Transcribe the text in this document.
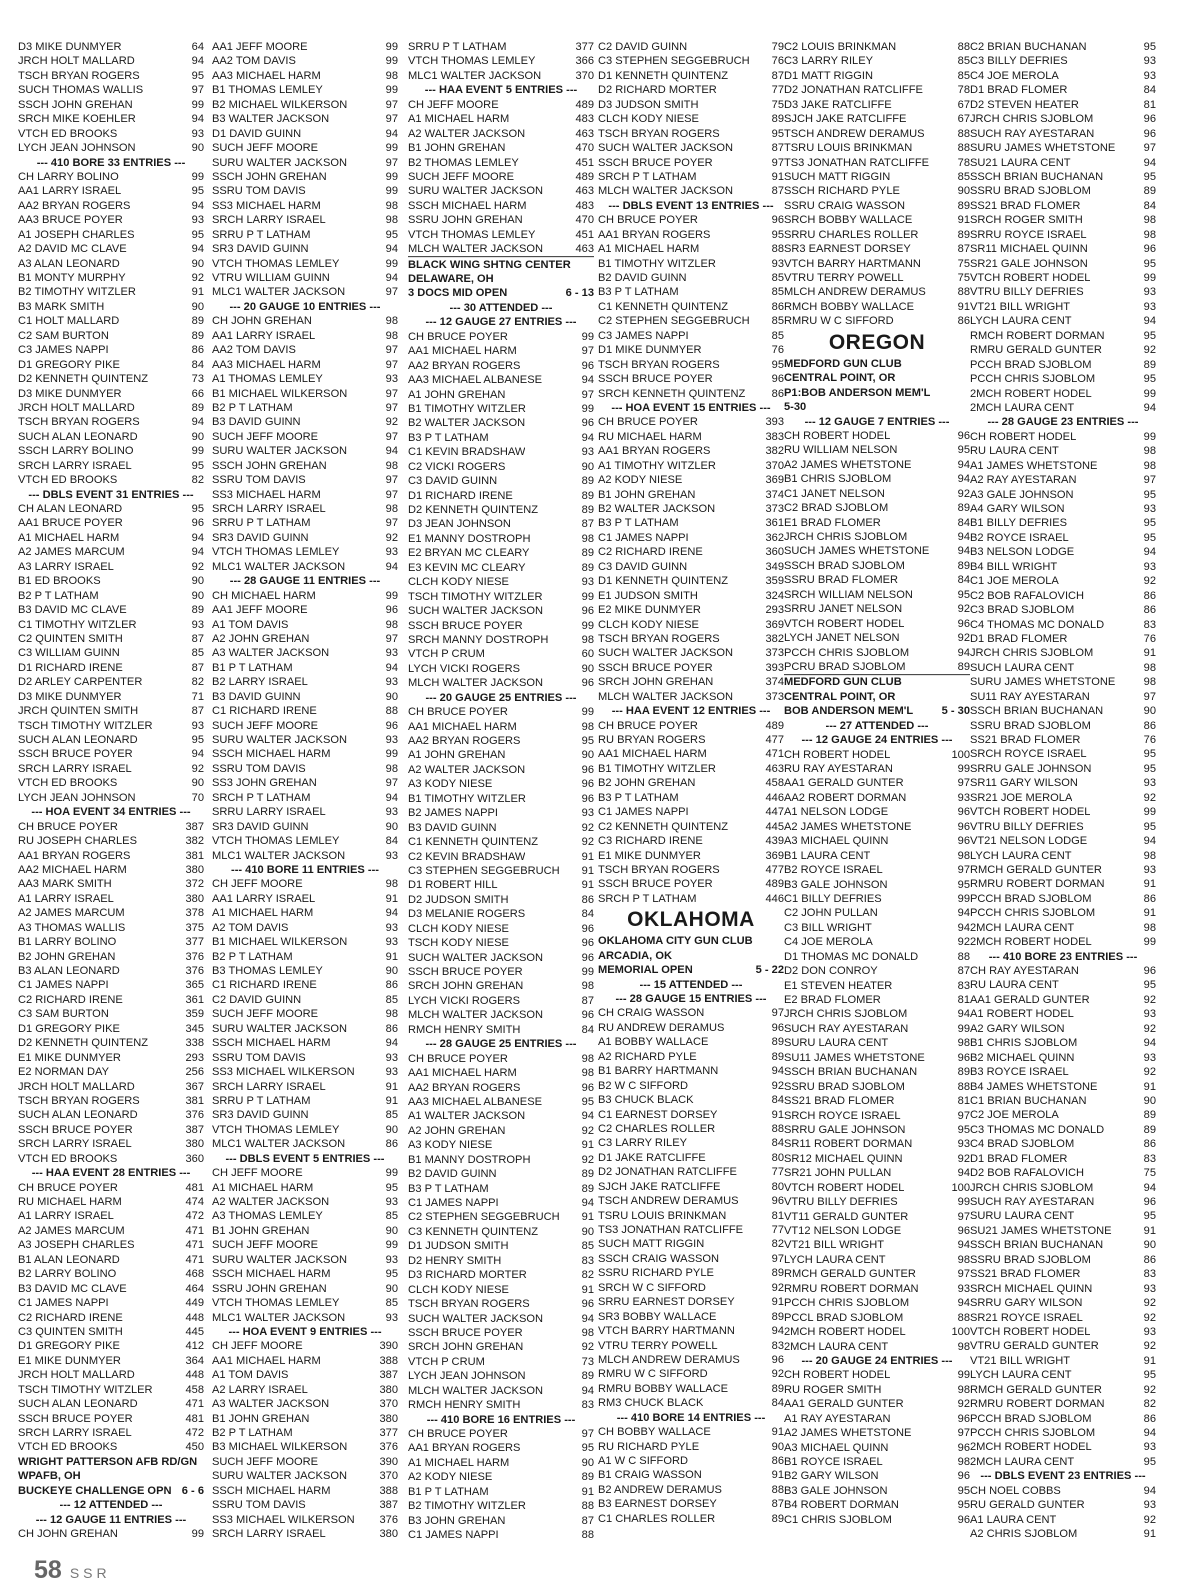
D3 MIKE DUNMYER	64
JRCH HOLT MALLARD	94
TSCH BRYAN ROGERS	95
SUCH THOMAS WALLIS	97
SSCH JOHN GREHAN	99
SRCH MIKE KOEHLER	94
VTCH ED BROOKS	93
LYCH JEAN JOHNSON	90
--- 410 BORE 33 ENTRIES ---
CH LARRY BOLINO	99
AA1 LARRY ISRAEL	95
AA2 BRYAN ROGERS	94
AA3 BRUCE POYER	93
A1 JOSEPH CHARLES	95
A2 DAVID MC CLAVE	94
A3 ALAN LEONARD	90
B1 MONTY MURPHY	92
B2 TIMOTHY WITZLER	91
B3 MARK SMITH	90
C1 HOLT MALLARD	89
C2 SAM BURTON	89
C3 JAMES NAPPI	86
D1 GREGORY PIKE	84
D2 KENNETH QUINTENZ	73
D3 MIKE DUNMYER	66
JRCH HOLT MALLARD	89
TSCH BRYAN ROGERS	94
SUCH ALAN LEONARD	90
SSCH LARRY BOLINO	99
SRCH LARRY ISRAEL	95
VTCH ED BROOKS	82
--- DBLS EVENT 31 ENTRIES ---
CH ALAN LEONARD	95
AA1 BRUCE POYER	96
A1 MICHAEL HARM	94
A2 JAMES MARCUM	94
A3 LARRY ISRAEL	92
B1 ED BROOKS	90
B2 P T LATHAM	90
B3 DAVID MC CLAVE	89
C1 TIMOTHY WITZLER	93
C2 QUINTEN SMITH	87
C3 WILLIAM GUINN	85
D1 RICHARD IRENE	87
D2 ARLEY CARPENTER	82
D3 MIKE DUNMYER	71
JRCH QUINTEN SMITH	87
TSCH TIMOTHY WITZLER	93
SUCH ALAN LEONARD	95
SSCH BRUCE POYER	94
SRCH LARRY ISRAEL	92
VTCH ED BROOKS	90
LYCH JEAN JOHNSON	70
--- HOA EVENT 34 ENTRIES ---
CH BRUCE POYER	387
RU JOSEPH CHARLES	382
AA1 BRYAN ROGERS	381
AA2 MICHAEL HARM	380
AA3 MARK SMITH	372
A1 LARRY ISRAEL	380
A2 JAMES MARCUM	378
A3 THOMAS WALLIS	375
B1 LARRY BOLINO	377
B2 JOHN GREHAN	376
B3 ALAN LEONARD	376
C1 JAMES NAPPI	365
C2 RICHARD IRENE	361
C3 SAM BURTON	359
D1 GREGORY PIKE	345
D2 KENNETH QUINTENZ	338
E1 MIKE DUNMYER	293
E2 NORMAN DAY	256
JRCH HOLT MALLARD	367
TSCH BRYAN ROGERS	381
SUCH ALAN LEONARD	376
SSCH BRUCE POYER	387
SRCH LARRY ISRAEL	380
VTCH ED BROOKS	360
--- HAA EVENT 28 ENTRIES ---
CH BRUCE POYER	481
RU MICHAEL HARM	474
A1 LARRY ISRAEL	472
A2 JAMES MARCUM	471
A3 JOSEPH CHARLES	471
B1 ALAN LEONARD	471
B2 LARRY BOLINO	468
B3 DAVID MC CLAVE	464
C1 JAMES NAPPI	449
C2 RICHARD IRENE	448
C3 QUINTEN SMITH	445
D1 GREGORY PIKE	412
E1 MIKE DUNMYER	364
JRCH HOLT MALLARD	448
TSCH TIMOTHY WITZLER	458
SUCH ALAN LEONARD	471
SSCH BRUCE POYER	481
SRCH LARRY ISRAEL	472
VTCH ED BROOKS	450
WRIGHT PATTERSON AFB RD/GN
WPAFB, OH
BUCKEYE CHALLENGE OPN 6 - 6
--- 12 ATTENDED ---
--- 12 GAUGE 11 ENTRIES ---
CH JOHN GREHAN	99
AA1 JEFF MOORE	99
AA2 TOM DAVIS	99
AA3 MICHAEL HARM	98
B1 THOMAS LEMLEY	99
B2 MICHAEL WILKERSON	97
B3 WALTER JACKSON	97
D1 DAVID GUINN	94
SUCH JEFF MOORE	99
SURU WALTER JACKSON	97
SSCH JOHN GREHAN	99
SSRU TOM DAVIS	99
SS3 MICHAEL HARM	98
SRCH LARRY ISRAEL	98
SRRU P T LATHAM	95
SR3 DAVID GUINN	94
VTCH THOMAS LEMLEY	99
VTRU WILLIAM GUINN	94
MLC1 WALTER JACKSON	97
--- 20 GAUGE 10 ENTRIES ---
CH JOHN GREHAN	98
AA1 LARRY ISRAEL	98
AA2 TOM DAVIS	97
AA3 MICHAEL HARM	97
A1 THOMAS LEMLEY	93
B1 MICHAEL WILKERSON	97
B2 P T LATHAM	97
B3 DAVID GUINN	92
SUCH JEFF MOORE	97
SURU WALTER JACKSON	94
SSCH JOHN GREHAN	98
SSRU TOM DAVIS	97
SS3 MICHAEL HARM	97
SRCH LARRY ISRAEL	98
SRRU P T LATHAM	97
SR3 DAVID GUINN	92
VTCH THOMAS LEMLEY	93
MLC1 WALTER JACKSON	94
--- 28 GAUGE 11 ENTRIES ---
CH MICHAEL HARM	99
AA1 JEFF MOORE	96
A1 TOM DAVIS	98
A2 JOHN GREHAN	97
A3 WALTER JACKSON	93
B1 P T LATHAM	94
B2 LARRY ISRAEL	93
B3 DAVID GUINN	90
C1 RICHARD IRENE	88
SUCH JEFF MOORE	96
SURU WALTER JACKSON	93
SSCH MICHAEL HARM	99
SSRU TOM DAVIS	98
SS3 JOHN GREHAN	97
SRCH P T LATHAM	94
SRRU LARRY ISRAEL	93
SR3 DAVID GUINN	90
VTCH THOMAS LEMLEY	84
MLC1 WALTER JACKSON	93
--- 410 BORE 11 ENTRIES ---
CH JEFF MOORE	98
AA1 LARRY ISRAEL	91
A1 MICHAEL HARM	94
A2 TOM DAVIS	93
B1 MICHAEL WILKERSON	93
B2 P T LATHAM	91
B3 THOMAS LEMLEY	90
C1 RICHARD IRENE	86
C2 DAVID GUINN	85
SUCH JEFF MOORE	98
SURU WALTER JACKSON	86
SSCH MICHAEL HARM	94
SSRU TOM DAVIS	93
SS3 MICHAEL WILKERSON	93
SRCH LARRY ISRAEL	91
SRRU P T LATHAM	91
SR3 DAVID GUINN	85
VTCH THOMAS LEMLEY	90
MLC1 WALTER JACKSON	86
--- DBLS EVENT 5 ENTRIES ---
CH JEFF MOORE	99
A1 MICHAEL HARM	95
A2 WALTER JACKSON	93
A3 THOMAS LEMLEY	85
B1 JOHN GREHAN	90
SUCH JEFF MOORE	99
SURU WALTER JACKSON	93
SSCH MICHAEL HARM	95
SSRU JOHN GREHAN	90
VTCH THOMAS LEMLEY	85
MLC1 WALTER JACKSON	93
--- HOA EVENT 9 ENTRIES ---
CH JEFF MOORE	390
AA1 MICHAEL HARM	388
A1 TOM DAVIS	387
A2 LARRY ISRAEL	380
A3 WALTER JACKSON	370
B1 JOHN GREHAN	380
B2 P T LATHAM	377
B3 MICHAEL WILKERSON	376
SUCH JEFF MOORE	390
SURU WALTER JACKSON	370
SSCH MICHAEL HARM	388
SSRU TOM DAVIS	387
SS3 MICHAEL WILKERSON	376
SRCH LARRY ISRAEL	380
SRRU P T LATHAM	377
VTCH THOMAS LEMLEY	366
MLC1 WALTER JACKSON	370
--- HAA EVENT 5 ENTRIES ---
CH JEFF MOORE	489
A1 MICHAEL HARM	483
A2 WALTER JACKSON	463
B1 JOHN GREHAN	470
B2 THOMAS LEMLEY	451
SUCH JEFF MOORE	489
SURU WALTER JACKSON	463
SSCH MICHAEL HARM	483
SSRU JOHN GREHAN	470
VTCH THOMAS LEMLEY	451
MLCH WALTER JACKSON	463
BLACK WING SHTNG CENTER
DELAWARE, OH
3 DOCS MID OPEN	6 - 13
--- 30 ATTENDED ---
--- 12 GAUGE 27 ENTRIES ---
CH BRUCE POYER	99
AA1 MICHAEL HARM	97
AA2 BRYAN ROGERS	96
AA3 MICHAEL ALBANESE	94
A1 JOHN GREHAN	97
B1 TIMOTHY WITZLER	99
B2 WALTER JACKSON	96
B3 P T LATHAM	94
C1 KEVIN BRADSHAW	93
C2 VICKI ROGERS	90
C3 DAVID GUINN	89
D1 RICHARD IRENE	89
D2 KENNETH QUINTENZ	89
D3 JEAN JOHNSON	87
E1 MANNY DOSTROPH	98
E2 BRYAN MC CLEARY	89
E3 KEVIN MC CLEARY	89
CLCH KODY NIESE	93
TSCH TIMOTHY WITZLER	99
SUCH WALTER JACKSON	96
SSCH BRUCE POYER	99
SRCH MANNY DOSTROPH	98
VTCH P CRUM	60
LYCH VICKI ROGERS	90
MLCH WALTER JACKSON	96
--- 20 GAUGE 25 ENTRIES ---
CH BRUCE POYER	99
AA1 MICHAEL HARM	98
AA2 BRYAN ROGERS	95
A1 JOHN GREHAN	90
A2 WALTER JACKSON	96
A3 KODY NIESE	96
B1 TIMOTHY WITZLER	96
B2 JAMES NAPPI	93
B3 DAVID GUINN	92
C1 KENNETH QUINTENZ	92
C2 KEVIN BRADSHAW	91
C3 STEPHEN SEGGEBRUCH	91
D1 ROBERT HILL	91
D2 JUDSON SMITH	86
D3 MELANIE ROGERS	84
CLCH KODY NIESE	96
TSCH KODY NIESE	96
SUCH WALTER JACKSON	96
SSCH BRUCE POYER	99
SRCH JOHN GREHAN	98
LYCH VICKI ROGERS	87
MLCH WALTER JACKSON	96
RMCH HENRY SMITH	84
--- 28 GAUGE 25 ENTRIES ---
CH BRUCE POYER	98
AA1 MICHAEL HARM	98
AA2 BRYAN ROGERS	96
AA3 MICHAEL ALBANESE	95
A1 WALTER JACKSON	94
A2 JOHN GREHAN	92
A3 KODY NIESE	91
B1 MANNY DOSTROPH	92
B2 DAVID GUINN	89
B3 P T LATHAM	89
C1 JAMES NAPPI	94
C2 STEPHEN SEGGEBRUCH	91
C3 KENNETH QUINTENZ	90
D1 JUDSON SMITH	85
D2 HENRY SMITH	83
D3 RICHARD MORTER	82
CLCH KODY NIESE	91
TSCH BRYAN ROGERS	96
SUCH WALTER JACKSON	94
SSCH BRUCE POYER	98
SRCH JOHN GREHAN	92
VTCH P CRUM	73
LYCH JEAN JOHNSON	89
MLCH WALTER JACKSON	94
RMCH HENRY SMITH	83
--- 410 BORE 16 ENTRIES ---
CH BRUCE POYER	97
AA1 BRYAN ROGERS	95
A1 MICHAEL HARM	90
A2 KODY NIESE	89
B1 P T LATHAM	91
B2 TIMOTHY WITZLER	88
B3 JOHN GREHAN	87
C1 JAMES NAPPI	88
C2 DAVID GUINN	79
C3 STEPHEN SEGGEBRUCH	76
D1 KENNETH QUINTENZ	87
D2 RICHARD MORTER	77
D3 JUDSON SMITH	75
CLCH KODY NIESE	89
TSCH BRYAN ROGERS	95
SUCH WALTER JACKSON	87
SSCH BRUCE POYER	97
SRCH P T LATHAM	91
MLCH WALTER JACKSON	87
--- DBLS EVENT 13 ENTRIES ---
CH BRUCE POYER	96
AA1 BRYAN ROGERS	95
A1 MICHAEL HARM	88
B1 TIMOTHY WITZLER	93
B2 DAVID GUINN	85
B3 P T LATHAM	85
C1 KENNETH QUINTENZ	86
C2 STEPHEN SEGGEBRUCH	85
C3 JAMES NAPPI	85
D1 MIKE DUNMYER	76
TSCH BRYAN ROGERS	95
SSCH BRUCE POYER	96
SRCH KENNETH QUINTENZ	86
--- HOA EVENT 15 ENTRIES ---
CH BRUCE POYER	393
RU MICHAEL HARM	383
AA1 BRYAN ROGERS	382
A1 TIMOTHY WITZLER	370
A2 KODY NIESE	369
B1 JOHN GREHAN	374
B2 WALTER JACKSON	373
B3 P T LATHAM	361
C1 JAMES NAPPI	362
C2 RICHARD IRENE	360
C3 DAVID GUINN	349
D1 KENNETH QUINTENZ	359
E1 JUDSON SMITH	324
E2 MIKE DUNMYER	293
CLCH KODY NIESE	369
TSCH BRYAN ROGERS	382
SUCH WALTER JACKSON	373
SSCH BRUCE POYER	393
SRCH JOHN GREHAN	374
MLCH WALTER JACKSON	373
--- HAA EVENT 12 ENTRIES ---
CH BRUCE POYER	489
RU BRYAN ROGERS	477
AA1 MICHAEL HARM	471
B1 TIMOTHY WITZLER	463
B2 JOHN GREHAN	458
B3 P T LATHAM	446
C1 JAMES NAPPI	447
C2 KENNETH QUINTENZ	445
C3 RICHARD IRENE	439
E1 MIKE DUNMYER	369
TSCH BRYAN ROGERS	477
SSCH BRUCE POYER	489
SRCH P T LATHAM	446
OKLAHOMA
OKLAHOMA CITY GUN CLUB
ARCADIA, OK
MEMORIAL OPEN	5 - 22
--- 15 ATTENDED ---
--- 28 GAUGE 15 ENTRIES ---
CH CRAIG WASSON	97
RU ANDREW DERAMUS	96
A1 BOBBY WALLACE	89
A2 RICHARD PYLE	89
B1 BARRY HARTMANN	94
B2 W C SIFFORD	92
B3 CHUCK BLACK	84
C1 EARNEST DORSEY	91
C2 CHARLES ROLLER	88
C3 LARRY RILEY	84
D1 JAKE RATCLIFFE	80
D2 JONATHAN RATCLIFFE	77
SJCH JAKE RATCLIFFE	80
TSCH ANDREW DERAMUS	96
TSRU LOUIS BRINKMAN	81
TS3 JONATHAN RATCLIFFE	77
SUCH MATT RIGGIN	82
SSCH CRAIG WASSON	97
SSRU RICHARD PYLE	89
SRCH W C SIFFORD	92
SRRU EARNEST DORSEY	91
SR3 BOBBY WALLACE	89
VTCH BARRY HARTMANN	94
VTRU TERRY POWELL	83
MLCH ANDREW DERAMUS	96
RMRU W C SIFFORD	92
RMRU BOBBY WALLACE	89
RM3 CHUCK BLACK	84
--- 410 BORE 14 ENTRIES ---
CH BOBBY WALLACE	91
RU RICHARD PYLE	90
A1 W C SIFFORD	86
B1 CRAIG WASSON	91
B2 ANDREW DERAMUS	88
B3 EARNEST DORSEY	87
C1 CHARLES ROLLER	89
C2 LOUIS BRINKMAN	88
C3 LARRY RILEY	85
D1 MATT RIGGIN	85
D2 JONATHAN RATCLIFFE	78
D3 JAKE RATCLIFFE	67
SJCH JAKE RATCLIFFE	67
TSCH ANDREW DERAMUS	88
TSRU LOUIS BRINKMAN	88
TS3 JONATHAN RATCLIFFE	78
SUCH MATT RIGGIN	85
SSCH RICHARD PYLE	90
SSRU CRAIG WASSON	89
SRCH BOBBY WALLACE	91
SRRU CHARLES ROLLER	89
SR3 EARNEST DORSEY	87
VTCH BARRY HARTMANN	75
VTRU TERRY POWELL	75
MLCH ANDREW DERAMUS	88
RMCH BOBBY WALLACE	91
RMRU W C SIFFORD	86
OREGON
MEDFORD GUN CLUB
CENTRAL POINT, OR
P1:BOB ANDERSON MEM'L
5-30
--- 12 GAUGE 7 ENTRIES ---
CH ROBERT HODEL	96
RU WILLIAM NELSON	95
A2 JAMES WHETSTONE	94
B1 CHRIS SJOBLOM	94
C1 JANET NELSON	92
C2 BRAD SJOBLOM	89
E1 BRAD FLOMER	84
JRCH CHRIS SJOBLOM	94
SUCH JAMES WHETSTONE	94
SSCH BRAD SJOBLOM	89
SSRU BRAD FLOMER	84
SRCH WILLIAM NELSON	95
SRRU JANET NELSON	92
VTCH ROBERT HODEL	96
LYCH JANET NELSON	92
PCCH CHRIS SJOBLOM	94
PCRU BRAD SJOBLOM	89
MEDFORD GUN CLUB
CENTRAL POINT, OR
BOB ANDERSON MEM'L	5 - 30
--- 27 ATTENDED ---
--- 12 GAUGE 24 ENTRIES ---
CH ROBERT HODEL	100
RU RAY AYESTARAN	99
AA1 GERALD GUNTER	97
AA2 ROBERT DORMAN	93
A1 NELSON LODGE	96
A2 JAMES WHETSTONE	96
A3 MICHAEL QUINN	96
B1 LAURA CENT	98
B2 ROYCE ISRAEL	97
B3 GALE JOHNSON	95
C1 BILLY DEFRIES	99
C2 JOHN PULLAN	94
C3 BILL WRIGHT	94
C4 JOE MEROLA	92
D1 THOMAS MC DONALD	88
D2 DON CONROY	87
E1 STEVEN HEATER	83
E2 BRAD FLOMER	81
JRCH CHRIS SJOBLOM	94
SUCH RAY AYESTARAN	99
SURU LAURA CENT	98
SU11 JAMES WHETSTONE	96
SSCH BRIAN BUCHANAN	89
SSRU BRAD SJOBLOM	88
SS21 BRAD FLOMER	81
SRCH ROYCE ISRAEL	97
SRRU GALE JOHNSON	95
SR11 ROBERT DORMAN	93
SR12 MICHAEL QUINN	92
SR21 JOHN PULLAN	94
VTCH ROBERT HODEL	100
VTRU BILLY DEFRIES	99
VT11 GERALD GUNTER	97
VT12 NELSON LODGE	96
VT21 BILL WRIGHT	94
LYCH LAURA CENT	98
RMCH GERALD GUNTER	97
RMRU ROBERT DORMAN	93
PCCH CHRIS SJOBLOM	94
PCCL BRAD SJOBLOM	88
2MCH ROBERT HODEL	100
2MCH LAURA CENT	98
--- 20 GAUGE 24 ENTRIES ---
CH ROBERT HODEL	99
RU ROGER SMITH	98
AA1 GERALD GUNTER	92
A1 RAY AYESTARAN	96
A2 JAMES WHETSTONE	97
A3 MICHAEL QUINN	96
B1 ROYCE ISRAEL	98
B2 GARY WILSON	96
B3 GALE JOHNSON	95
B4 ROBERT DORMAN	95
C1 CHRIS SJOBLOM	96
C2 BRIAN BUCHANAN	95
C3 BILLY DEFRIES	93
C4 JOE MEROLA	93
D1 BRAD FLOMER	84
D2 STEVEN HEATER	81
JRCH CHRIS SJOBLOM	96
SUCH RAY AYESTARAN	96
SURU JAMES WHETSTONE	97
SU21 LAURA CENT	94
SSCH BRIAN BUCHANAN	95
SSRU BRAD SJOBLOM	89
SS21 BRAD FLOMER	84
SRCH ROGER SMITH	98
SRRU ROYCE ISRAEL	98
SR11 MICHAEL QUINN	96
SR21 GALE JOHNSON	95
VTCH ROBERT HODEL	99
VTRU BILLY DEFRIES	93
VT21 BILL WRIGHT	93
LYCH LAURA CENT	94
RMCH ROBERT DORMAN	95
RMRU GERALD GUNTER	92
PCCH BRAD SJOBLOM	89
PCCH CHRIS SJOBLOM	95
2MCH ROBERT HODEL	99
2MCH LAURA CENT	94
--- 28 GAUGE 23 ENTRIES ---
CH ROBERT HODEL	99
RU LAURA CENT	98
A1 JAMES WHETSTONE	98
A2 RAY AYESTARAN	97
A3 GALE JOHNSON	95
A4 GARY WILSON	93
B1 BILLY DEFRIES	95
B2 ROYCE ISRAEL	95
B3 NELSON LODGE	94
B4 BILL WRIGHT	93
C1 JOE MEROLA	92
C2 BOB RAFALOVICH	86
C3 BRAD SJOBLOM	86
C4 THOMAS MC DONALD	83
D1 BRAD FLOMER	76
JRCH CHRIS SJOBLOM	91
SUCH LAURA CENT	98
SURU JAMES WHETSTONE	98
SU11 RAY AYESTARAN	97
SSCH BRIAN BUCHANAN	90
SSRU BRAD SJOBLOM	86
SS21 BRAD FLOMER	76
SRCH ROYCE ISRAEL	95
SRRU GALE JOHNSON	95
SR11 GARY WILSON	93
SR21 JOE MEROLA	92
VTCH ROBERT HODEL	99
VTRU BILLY DEFRIES	95
VT21 NELSON LODGE	94
LYCH LAURA CENT	98
RMCH GERALD GUNTER	93
RMRU ROBERT DORMAN	91
PCCH BRAD SJOBLOM	86
PCCH CHRIS SJOBLOM	91
2MCH LAURA CENT	98
2MCH ROBERT HODEL	99
--- 410 BORE 23 ENTRIES ---
CH RAY AYESTARAN	96
RU LAURA CENT	95
AA1 GERALD GUNTER	92
A1 ROBERT HODEL	93
A2 GARY WILSON	92
B1 CHRIS SJOBLOM	94
B2 MICHAEL QUINN	93
B3 ROYCE ISRAEL	92
B4 JAMES WHETSTONE	91
C1 BRIAN BUCHANAN	90
C2 JOE MEROLA	89
C3 THOMAS MC DONALD	89
C4 BRAD SJOBLOM	86
D1 BRAD FLOMER	83
D2 BOB RAFALOVICH	75
JRCH CHRIS SJOBLOM	94
SUCH RAY AYESTARAN	96
SURU LAURA CENT	95
SU21 JAMES WHETSTONE	91
SSCH BRIAN BUCHANAN	90
SSRU BRAD SJOBLOM	86
SS21 BRAD FLOMER	83
SRCH MICHAEL QUINN	93
SRRU GARY WILSON	92
SR21 ROYCE ISRAEL	92
VTCH ROBERT HODEL	93
VTRU GERALD GUNTER	92
VT21 BILL WRIGHT	91
LYCH LAURA CENT	95
RMCH GERALD GUNTER	92
RMRU ROBERT DORMAN	82
PCCH BRAD SJOBLOM	86
PCCH CHRIS SJOBLOM	94
2MCH ROBERT HODEL	93
2MCH LAURA CENT	95
--- DBLS EVENT 23 ENTRIES ---
CH NOEL COBBS	94
RU GERALD GUNTER	93
A1 LAURA CENT	92
A2 CHRIS SJOBLOM	91
58 SSR
